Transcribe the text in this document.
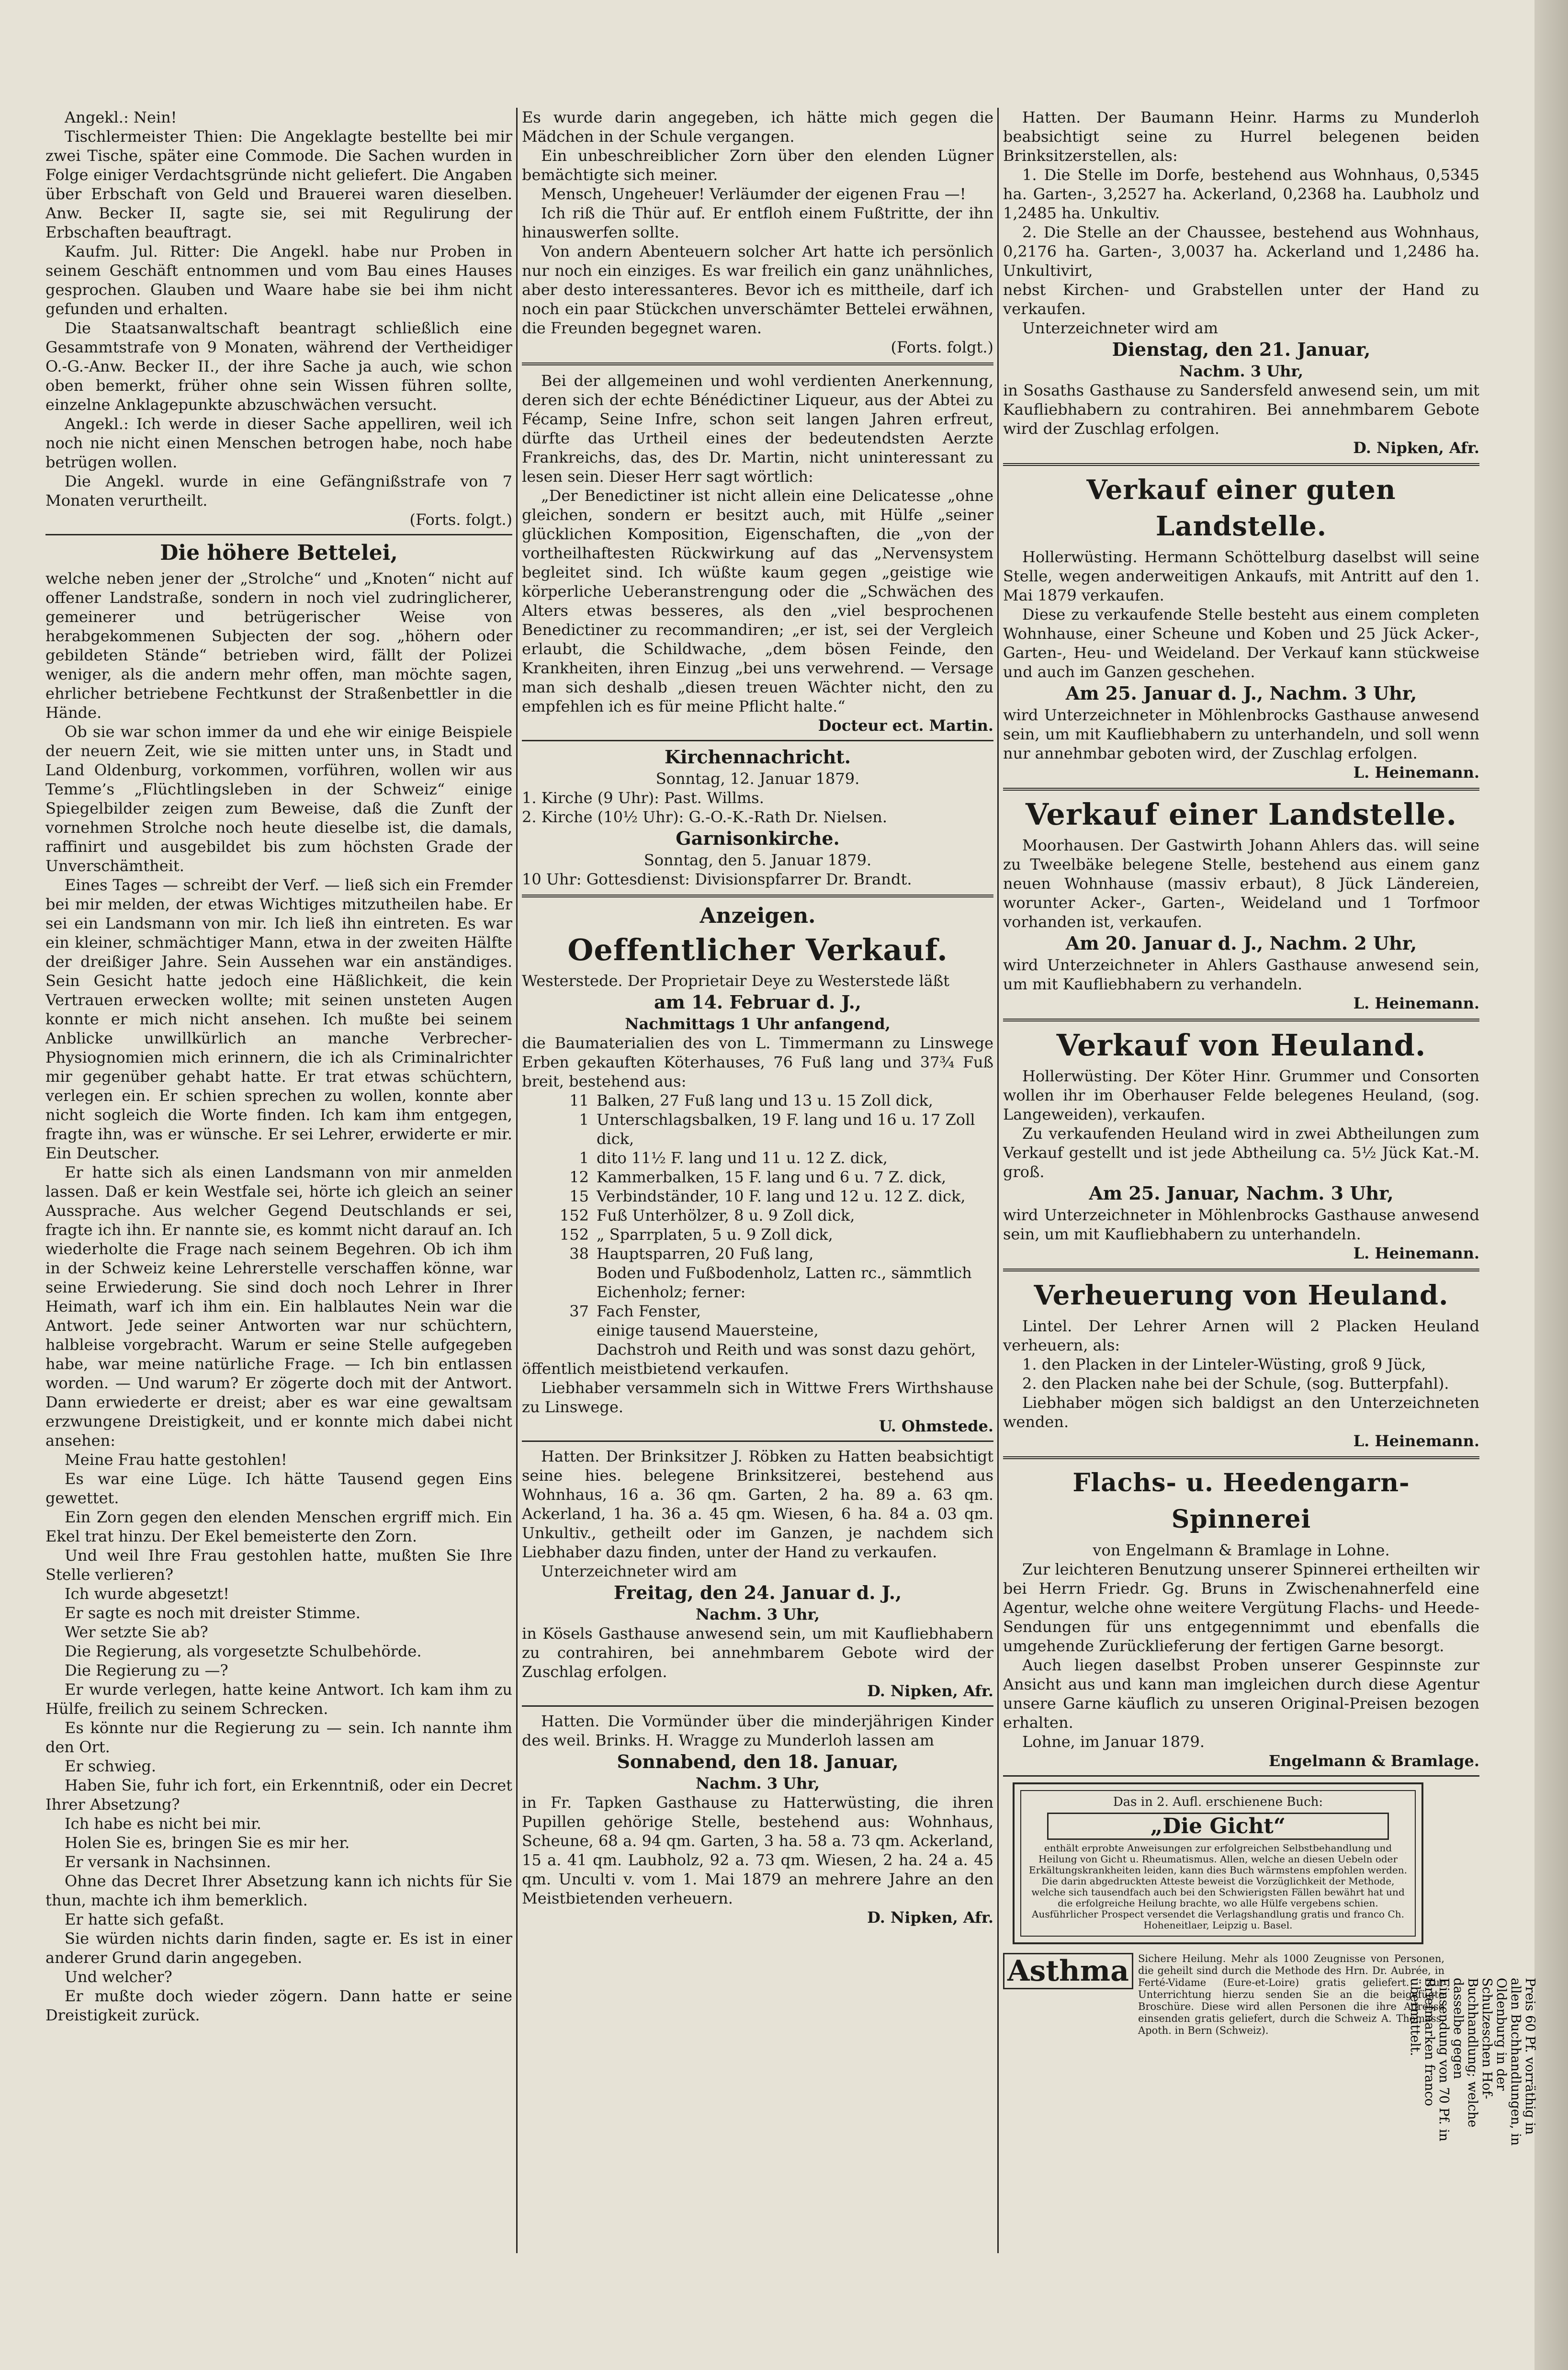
Angekl.: Nein!

Tischlermeister Thien: Die Angeklagte bestellte bei mir zwei Tische, später eine Commode. Die Sachen wurden in Folge einiger Verdachtsgründe nicht geliefert. Die Angaben über Erbschaft von Geld und Brauerei waren dieselben. Anw. Becker II, sagte sie, sei mit Regulirung der Erbschaften beauftragt.

Kaufm. Jul. Ritter: Die Angekl. habe nur Proben in seinem Geschäft entnommen und vom Bau eines Hauses gesprochen. Glauben und Waare habe sie bei ihm nicht gefunden und erhalten.

Die Staatsanwaltschaft beantragt schließlich eine Gesammtstrafe von 9 Monaten, während der Vertheidiger O.-G.-Anw. Becker II., der ihre Sache ja auch, wie schon oben bemerkt, früher ohne sein Wissen führen sollte, einzelne Anklagepunkte abzuschwächen versucht.

Angekl.: Ich werde in dieser Sache appelliren, weil ich noch nie nicht einen Menschen betrogen habe, noch habe betrügen wollen.

Die Angekl. wurde in eine Gefängnißstrafe von 7 Monaten verurtheilt.

(Forts. folgt.)

Die höhere Bettelei,

welche neben jener der „Strolche“ und „Knoten“ nicht auf offener Landstraße, sondern in noch viel zudringlicherer, gemeinerer und betrügerischer Weise von herabgekommenen Subjecten der sog. „höhern oder gebildeten Stände“ betrieben wird, fällt der Polizei weniger, als die andern mehr offen, man möchte sagen, ehrlicher betriebene Fechtkunst der Straßenbettler in die Hände.

Ob sie war schon immer da und ehe wir einige Beispiele der neuern Zeit, wie sie mitten unter uns, in Stadt und Land Oldenburg, vorkommen, vorführen, wollen wir aus Temme’s „Flüchtlingsleben in der Schweiz“ einige Spiegelbilder zeigen zum Beweise, daß die Zunft der vornehmen Strolche noch heute dieselbe ist, die damals, raffinirt und ausgebildet bis zum höchsten Grade der Unverschämtheit.

Eines Tages — schreibt der Verf. — ließ sich ein Fremder bei mir melden, der etwas Wichtiges mitzutheilen habe. Er sei ein Landsmann von mir. Ich ließ ihn eintreten. Es war ein kleiner, schmächtiger Mann, etwa in der zweiten Hälfte der dreißiger Jahre. Sein Aussehen war ein anständiges. Sein Gesicht hatte jedoch eine Häßlichkeit, die kein Vertrauen erwecken wollte; mit seinen unsteten Augen konnte er mich nicht ansehen. Ich mußte bei seinem Anblicke unwillkürlich an manche Verbrecher-Physiognomien mich erinnern, die ich als Criminalrichter mir gegenüber gehabt hatte. Er trat etwas schüchtern, verlegen ein. Er schien sprechen zu wollen, konnte aber nicht sogleich die Worte finden. Ich kam ihm entgegen, fragte ihn, was er wünsche. Er sei Lehrer, erwiderte er mir. Ein Deutscher.

Er hatte sich als einen Landsmann von mir anmelden lassen. Daß er kein Westfale sei, hörte ich gleich an seiner Aussprache. Aus welcher Gegend Deutschlands er sei, fragte ich ihn. Er nannte sie, es kommt nicht darauf an. Ich wiederholte die Frage nach seinem Begehren. Ob ich ihm in der Schweiz keine Lehrerstelle verschaffen könne, war seine Erwiederung. Sie sind doch noch Lehrer in Ihrer Heimath, warf ich ihm ein. Ein halblautes Nein war die Antwort. Jede seiner Antworten war nur schüchtern, halbleise vorgebracht. Warum er seine Stelle aufgegeben habe, war meine natürliche Frage. — Ich bin entlassen worden. — Und warum? Er zögerte doch mit der Antwort. Dann erwiederte er dreist; aber es war eine gewaltsam erzwungene Dreistigkeit, und er konnte mich dabei nicht ansehen:

Meine Frau hatte gestohlen!

Es war eine Lüge. Ich hätte Tausend gegen Eins gewettet.

Ein Zorn gegen den elenden Menschen ergriff mich. Ein Ekel trat hinzu. Der Ekel bemeisterte den Zorn.

Und weil Ihre Frau gestohlen hatte, mußten Sie Ihre Stelle verlieren?

Ich wurde abgesetzt!

Er sagte es noch mit dreister Stimme.

Wer setzte Sie ab?

Die Regierung, als vorgesetzte Schulbehörde.

Die Regierung zu —?

Er wurde verlegen, hatte keine Antwort. Ich kam ihm zu Hülfe, freilich zu seinem Schrecken.

Es könnte nur die Regierung zu — sein. Ich nannte ihm den Ort.

Er schwieg.

Haben Sie, fuhr ich fort, ein Erkenntniß, oder ein Decret Ihrer Absetzung?

Ich habe es nicht bei mir.

Holen Sie es, bringen Sie es mir her.

Er versank in Nachsinnen.

Ohne das Decret Ihrer Absetzung kann ich nichts für Sie thun, machte ich ihm bemerklich.

Er hatte sich gefaßt.

Sie würden nichts darin finden, sagte er. Es ist in einer anderer Grund darin angegeben.

Und welcher?

Er mußte doch wieder zögern. Dann hatte er seine Dreistigkeit zurück.

Es wurde darin angegeben, ich hätte mich gegen die Mädchen in der Schule vergangen.

Ein unbeschreiblicher Zorn über den elenden Lügner bemächtigte sich meiner.

Mensch, Ungeheuer! Verläumder der eigenen Frau —!

Ich riß die Thür auf. Er entfloh einem Fußtritte, der ihn hinauswerfen sollte.

Von andern Abenteuern solcher Art hatte ich persönlich nur noch ein einziges. Es war freilich ein ganz unähnliches, aber desto interessanteres. Bevor ich es mittheile, darf ich noch ein paar Stückchen unverschämter Bettelei erwähnen, die Freunden begegnet waren.

(Forts. folgt.)

Bei der allgemeinen und wohl verdienten Anerkennung, deren sich der echte Bénédictiner Liqueur, aus der Abtei zu Fécamp, Seine Infre, schon seit langen Jahren erfreut, dürfte das Urtheil eines der bedeutendsten Aerzte Frankreichs, das, des Dr. Martin, nicht uninteressant zu lesen sein. Dieser Herr sagt wörtlich:

„Der Benedictiner ist nicht allein eine Delicatesse „ohne gleichen, sondern er besitzt auch, mit Hülfe „seiner glücklichen Komposition, Eigenschaften, die „von der vortheilhaftesten Rückwirkung auf das „Nervensystem begleitet sind. Ich wüßte kaum gegen „geistige wie körperliche Ueberanstrengung oder die „Schwächen des Alters etwas besseres, als den „viel besprochenen Benedictiner zu recommandiren; „er ist, sei der Vergleich erlaubt, die Schildwache, „dem bösen Feinde, den Krankheiten, ihren Einzug „bei uns verwehrend. — Versage man sich deshalb „diesen treuen Wächter nicht, den zu empfehlen ich es für meine Pflicht halte.“

Docteur ect. Martin.

Kirchennachricht.

Sonntag, 12. Januar 1879.

1. Kirche (9 Uhr): Past. Willms.

2. Kirche (10½ Uhr): G.-O.-K.-Rath Dr. Nielsen.

Garnisonkirche.

Sonntag, den 5. Januar 1879.

10 Uhr: Gottesdienst: Divisionspfarrer Dr. Brandt.

Anzeigen.
Oeffentlicher Verkauf.

Westerstede. Der Proprietair Deye zu Westerstede läßt

am 14. Februar d. J.,

Nachmittags 1 Uhr anfangend,

die Baumaterialien des von L. Timmermann zu Linswege Erben gekauften Köterhauses, 76 Fuß lang und 37¾ Fuß breit, bestehend aus:

11 Balken, 27 Fuß lang und 13 u. 15 Zoll dick,
1 Unterschlagsbalken, 19 F. lang und 16 u. 17 Zoll dick,
1 dito 11½ F. lang und 11 u. 12 Z. dick,
12 Kammerbalken, 15 F. lang und 6 u. 7 Z. dick,
15 Verbindständer, 10 F. lang und 12 u. 12 Z. dick,
152 Fuß Unterhölzer, 8 u. 9 Zoll dick,
152 „ Sparrplaten, 5 u. 9 Zoll dick,
38 Hauptsparren, 20 Fuß lang,
Boden und Fußbodenholz, Latten rc., sämmtlich Eichenholz; ferner:
37 Fach Fenster,
einige tausend Mauersteine,
Dachstroh und Reith und was sonst dazu gehört,

öffentlich meistbietend verkaufen.

Liebhaber versammeln sich in Wittwe Frers Wirthshause zu Linswege.

U. Ohmstede.

Hatten. Der Brinksitzer J. Röbken zu Hatten beabsichtigt seine hies. belegene Brinksitzerei, bestehend aus Wohnhaus, 16 a. 36 qm. Garten, 2 ha. 89 a. 63 qm. Ackerland, 1 ha. 36 a. 45 qm. Wiesen, 6 ha. 84 a. 03 qm. Unkultiv., getheilt oder im Ganzen, je nachdem sich Liebhaber dazu finden, unter der Hand zu verkaufen.

Unterzeichneter wird am

Freitag, den 24. Januar d. J.,

Nachm. 3 Uhr,

in Kösels Gasthause anwesend sein, um mit Kaufliebhabern zu contrahiren, bei annehmbarem Gebote wird der Zuschlag erfolgen.

D. Nipken, Afr.

Hatten. Die Vormünder über die minderjährigen Kinder des weil. Brinks. H. Wragge zu Munderloh lassen am

Sonnabend, den 18. Januar,

Nachm. 3 Uhr,

in Fr. Tapken Gasthause zu Hatterwüsting, die ihren Pupillen gehörige Stelle, bestehend aus: Wohnhaus, Scheune, 68 a. 94 qm. Garten, 3 ha. 58 a. 73 qm. Ackerland, 15 a. 41 qm. Laubholz, 92 a. 73 qm. Wiesen, 2 ha. 24 a. 45 qm. Unculti v. vom 1. Mai 1879 an mehrere Jahre an den Meistbietenden verheuern.

D. Nipken, Afr.

Hatten. Der Baumann Heinr. Harms zu Munderloh beabsichtigt seine zu Hurrel belegenen beiden Brinksitzerstellen, als:

1. Die Stelle im Dorfe, bestehend aus Wohnhaus, 0,5345 ha. Garten-, 3,2527 ha. Ackerland, 0,2368 ha. Laubholz und 1,2485 ha. Unkultiv.

2. Die Stelle an der Chaussee, bestehend aus Wohnhaus, 0,2176 ha. Garten-, 3,0037 ha. Ackerland und 1,2486 ha. Unkultivirt,

nebst Kirchen- und Grabstellen unter der Hand zu verkaufen.

Unterzeichneter wird am

Dienstag, den 21. Januar,

Nachm. 3 Uhr,

in Sosaths Gasthause zu Sandersfeld anwesend sein, um mit Kaufliebhabern zu contrahiren. Bei annehmbarem Gebote wird der Zuschlag erfolgen.

D. Nipken, Afr.

Verkauf einer guten Landstelle.

Hollerwüsting. Hermann Schöttelburg daselbst will seine Stelle, wegen anderweitigen Ankaufs, mit Antritt auf den 1. Mai 1879 verkaufen.

Diese zu verkaufende Stelle besteht aus einem completen Wohnhause, einer Scheune und Koben und 25 Jück Acker-, Garten-, Heu- und Weideland. Der Verkauf kann stückweise und auch im Ganzen geschehen.

Am 25. Januar d. J., Nachm. 3 Uhr,

wird Unterzeichneter in Möhlenbrocks Gasthause anwesend sein, um mit Kaufliebhabern zu unterhandeln, und soll wenn nur annehmbar geboten wird, der Zuschlag erfolgen.

L. Heinemann.

Verkauf einer Landstelle.

Moorhausen. Der Gastwirth Johann Ahlers das. will seine zu Tweelbäke belegene Stelle, bestehend aus einem ganz neuen Wohnhause (massiv erbaut), 8 Jück Ländereien, worunter Acker-, Garten-, Weideland und 1 Torfmoor vorhanden ist, verkaufen.

Am 20. Januar d. J., Nachm. 2 Uhr,

wird Unterzeichneter in Ahlers Gasthause anwesend sein, um mit Kaufliebhabern zu verhandeln.

L. Heinemann.

Verkauf von Heuland.

Hollerwüsting. Der Köter Hinr. Grummer und Consorten wollen ihr im Oberhauser Felde belegenes Heuland, (sog. Langeweiden), verkaufen.

Zu verkaufenden Heuland wird in zwei Abtheilungen zum Verkauf gestellt und ist jede Abtheilung ca. 5½ Jück Kat.-M. groß.

Am 25. Januar, Nachm. 3 Uhr,

wird Unterzeichneter in Möhlenbrocks Gasthause anwesend sein, um mit Kaufliebhabern zu unterhandeln.

L. Heinemann.

Verheuerung von Heuland.

Lintel. Der Lehrer Arnen will 2 Placken Heuland verheuern, als:

1. den Placken in der Linteler-Wüsting, groß 9 Jück,

2. den Placken nahe bei der Schule, (sog. Butterpfahl).

Liebhaber mögen sich baldigst an den Unterzeichneten wenden.

L. Heinemann.

Flachs- u. Heedengarn-Spinnerei

von Engelmann & Bramlage in Lohne.

Zur leichteren Benutzung unserer Spinnerei ertheilten wir bei Herrn Friedr. Gg. Bruns in Zwischenahnerfeld eine Agentur, welche ohne weitere Vergütung Flachs- und Heede-Sendungen für uns entgegennimmt und ebenfalls die umgehende Zurücklieferung der fertigen Garne besorgt.

Auch liegen daselbst Proben unserer Gespinnste zur Ansicht aus und kann man imgleichen durch diese Agentur unsere Garne käuflich zu unseren Original-Preisen bezogen erhalten.

Lohne, im Januar 1879.

Engelmann & Bramlage.

Das in 2. Aufl. erschienene Buch:

„Die Gicht“

enthält erprobte Anweisungen zur erfolgreichen Selbstbehandlung und Heilung von Gicht u. Rheumatismus. Allen, welche an diesen Uebeln oder Erkältungskrankheiten leiden, kann dies Buch wärmstens empfohlen werden. Die darin abgedruckten Atteste beweist die Vorzüglichkeit der Methode, welche sich tausendfach auch bei den Schwierigsten Fällen bewährt hat und die erfolgreiche Heilung brachte, wo alle Hülfe vergebens schien. Ausführlicher Prospect versendet die Verlagshandlung gratis und franco Ch. Hoheneitlaer, Leipzig u. Basel.

Asthma Sichere Heilung. Mehr als 1000 Zeugnisse von Personen, die geheilt sind durch die Methode des Hrn. Dr. Aubrée, in Ferté-Vidame (Eure-et-Loire) gratis geliefert. Zur Unterrichtung hierzu senden Sie an die beigefügte Broschüre. Diese wird allen Personen die ihre Adresse einsenden gratis geliefert, durch die Schweiz A. Thomass, Apoth. in Bern (Schweiz).	Preis 60 Pf. vorräthig in allen Buchhandlungen, in Oldenburg in der Schulzeschen Hof-Buchhandlung; welche dasselbe gegen Einsendung von 70 Pf. in Briefmarken franco übermittelt.
